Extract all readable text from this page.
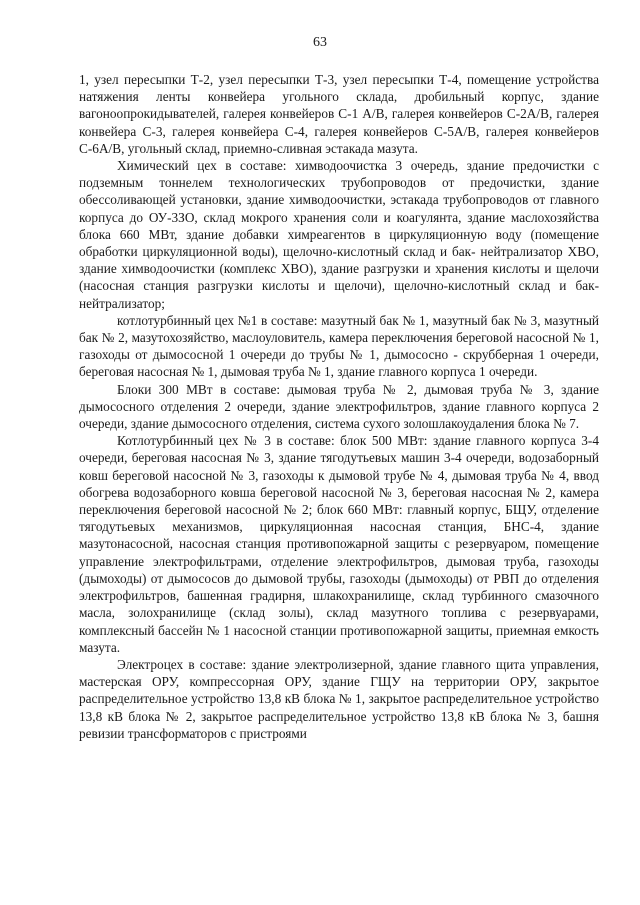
63

1, узел пересыпки Т-2, узел пересыпки Т-3, узел пересыпки Т-4, помещение устройства натяжения ленты конвейера угольного склада, дробильный корпус, здание вагоноопрокидывателей, галерея конвейеров С-1 А/В, галерея конвейеров С-2А/В, галерея конвейера С-3, галерея конвейера С-4, галерея конвейеров С-5А/В, галерея конвейеров С-6А/В, угольный склад, приемно-сливная эстакада мазута.

Химический цех в составе: химводоочистка 3 очередь, здание предочистки с подземным тоннелем технологических трубопроводов от предочистки, здание обессоливающей установки, здание химводоочистки, эстакада трубопроводов от главного корпуса до ОУ-3ЗО, склад мокрого хранения соли и коагулянта, здание маслохозяйства блока 660 МВт, здание добавки химреагентов в циркуляционную воду (помещение обработки циркуляционной воды), щелочно-кислотный склад и бак- нейтрализатор ХВО, здание химводоочистки (комплекс ХВО), здание разгрузки и хранения кислоты и щелочи (насосная станция разгрузки кислоты и щелочи), щелочно-кислотный склад и бак-нейтрализатор;

котлотурбинный цех №1 в составе: мазутный бак № 1, мазутный бак № 3, мазутный бак № 2, мазутохозяйство, маслоуловитель, камера переключения береговой насосной № 1, газоходы от дымососной 1 очереди до трубы № 1, дымососно - скрубберная 1 очереди, береговая насосная № 1, дымовая труба № 1, здание главного корпуса 1 очереди.

Блоки 300 МВт в составе: дымовая труба № 2, дымовая труба № 3, здание дымососного отделения 2 очереди, здание электрофильтров, здание главного корпуса 2 очереди, здание дымососного отделения, система сухого золошлакоудаления блока № 7.

Котлотурбинный цех № 3 в составе: блок 500 МВт: здание главного корпуса 3-4 очереди, береговая насосная № 3, здание тягодутьевых машин 3-4 очереди, водозаборный ковш береговой насосной № 3, газоходы к дымовой трубе № 4, дымовая труба № 4, ввод обогрева водозаборного ковша береговой насосной № 3, береговая насосная № 2, камера переключения береговой насосной № 2; блок 660 МВт: главный корпус, БЩУ, отделение тягодутьевых механизмов, циркуляционная насосная станция, БНС-4, здание мазутонасосной, насосная станция противопожарной защиты с резервуаром, помещение управление электрофильтрами, отделение электрофильтров, дымовая труба, газоходы (дымоходы) от дымососов до дымовой трубы, газоходы (дымоходы) от РВП до отделения электрофильтров, башенная градирня, шлакохранилище, склад турбинного смазочного масла, золохранилище (склад золы), склад мазутного топлива с резервуарами, комплексный бассейн № 1 насосной станции противопожарной защиты, приемная емкость мазута.

Электроцех в составе: здание электролизерной, здание главного щита управления, мастерская ОРУ, компрессорная ОРУ, здание ГЩУ на территории ОРУ, закрытое распределительное устройство 13,8 кВ блока № 1, закрытое распределительное устройство 13,8 кВ блока № 2, закрытое распределительное устройство 13,8 кВ блока № 3, башня ревизии трансформаторов с пристроями
